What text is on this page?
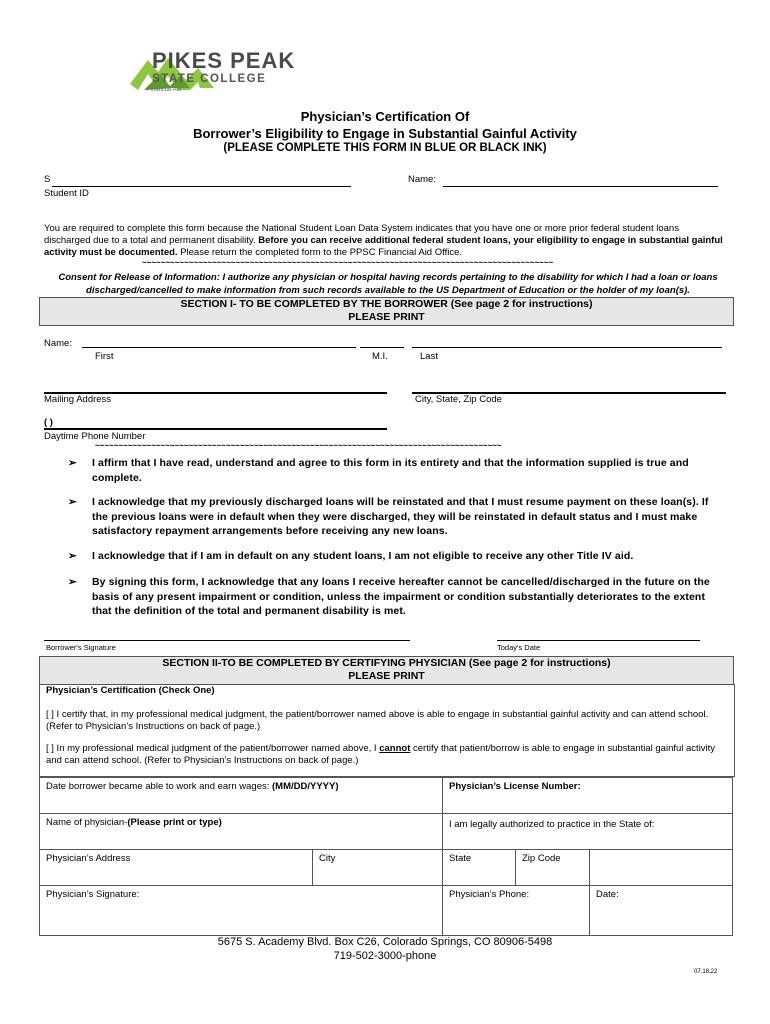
PIKES PEAK
STATE COLLEGE
Financial Aid
Physician’s Certification Of
Borrower’s Eligibility to Engage in Substantial Gainful Activity
(PLEASE COMPLETE THIS FORM IN BLUE OR BLACK INK)
S
Student ID
Name:
You are required to complete this form because the National Student Loan Data System indicates that you have one or more prior federal student loans discharged due to a total and permanent disability. Before you can receive additional federal student loans, your eligibility to engage in substantial gainful activity must be documented. Please return the completed form to the PPSC Financial Aid Office.
~~~~~~~~~~~~~~~~~~~~~~~~~~~~~~~~~~~~~~~~~~~~~~~~~~~~~~~~~~~~~~~~~~~~~~~~~~~~~~~~~~~~~~~~
Consent for Release of Information: I authorize any physician or hospital having records pertaining to the disability for which I had a loan or loans discharged/cancelled to make information from such records available to the US Department of Education or the holder of my loan(s).
SECTION I- TO BE COMPLETED BY THE BORROWER (See page 2 for instructions)
PLEASE PRINT
Name:
First	M.I.	Last
Mailing Address	City, State, Zip Code
( )
Daytime Phone Number
~~~~~~~~~~~~~~~~~~~~~~~~~~~~~~~~~~~~~~~~~~~~~~~~~~~~~~~~~~~~~~~~~~~~~~~~~~~~~~~~~~~~~~~
➢ I affirm that I have read, understand and agree to this form in its entirety and that the information supplied is true and complete.
➢ I acknowledge that my previously discharged loans will be reinstated and that I must resume payment on these loan(s). If the previous loans were in default when they were discharged, they will be reinstated in default status and I must make satisfactory repayment arrangements before receiving any new loans.
➢ I acknowledge that if I am in default on any student loans, I am not eligible to receive any other Title IV aid.
➢ By signing this form, I acknowledge that any loans I receive hereafter cannot be cancelled/discharged in the future on the basis of any present impairment or condition, unless the impairment or condition substantially deteriorates to the extent that the definition of the total and permanent disability is met.
Borrower's Signature	Today's Date
SECTION II-TO BE COMPLETED BY CERTIFYING PHYSICIAN (See page 2 for instructions)
PLEASE PRINT
Physician’s Certification (Check One)
[ ] I certify that, in my professional medical judgment, the patient/borrower named above is able to engage in substantial gainful activity and can attend school. (Refer to Physician’s Instructions on back of page.)
[ ] In my professional medical judgment of the patient/borrower named above, I cannot certify that patient/borrow is able to engage in substantial gainful activity and can attend school. (Refer to Physician’s Instructions on back of page.)
Date borrower became able to work and earn wages: (MM/DD/YYYY)	Physician’s License Number:
Name of physician-(Please print or type)	I am legally authorized to practice in the State of:
Physician’s Address	City	State	Zip Code
Physician’s Signature:	Physician’s Phone:	Date:
5675 S. Academy Blvd. Box C26, Colorado Springs, CO 80906-5498
719-502-3000-phone
07.18.22
